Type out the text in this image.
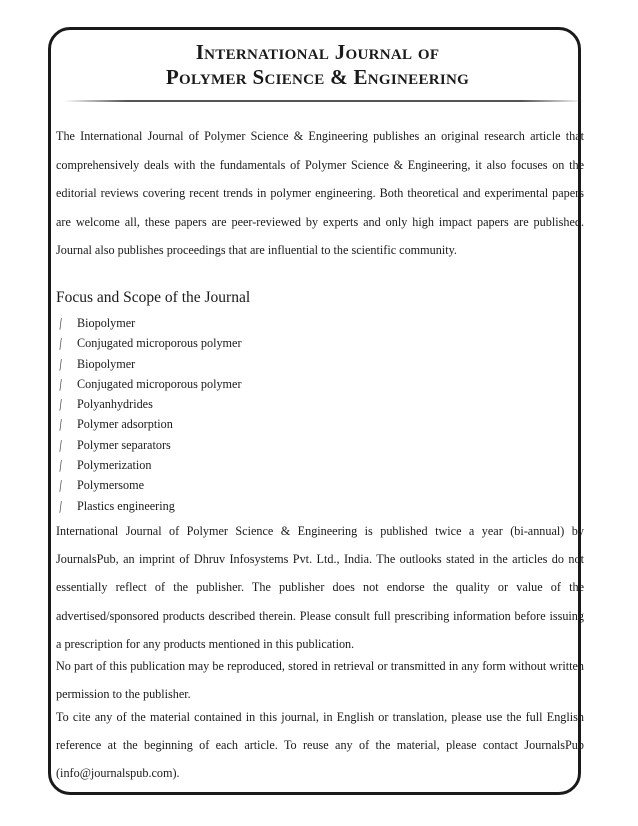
International Journal of
Polymer Science & Engineering

The International Journal of Polymer Science & Engineering publishes an original research article that comprehensively deals with the fundamentals of Polymer Science & Engineering, it also focuses on the editorial reviews covering recent trends in polymer engineering. Both theoretical and experimental papers are welcome all, these papers are peer-reviewed by experts and only high impact papers are published. Journal also publishes proceedings that are influential to the scientific community.

Focus and Scope of the Journal
╱ Biopolymer
╱ Conjugated microporous polymer
╱ Biopolymer
╱ Conjugated microporous polymer
╱ Polyanhydrides
╱ Polymer adsorption
╱ Polymer separators
╱ Polymerization
╱ Polymersome
╱ Plastics engineering

International Journal of Polymer Science & Engineering is published twice a year (bi-annual) by JournalsPub, an imprint of Dhruv Infosystems Pvt. Ltd., India. The outlooks stated in the articles do not essentially reflect of the publisher. The publisher does not endorse the quality or value of the advertised/sponsored products described therein. Please consult full prescribing information before issuing a prescription for any products mentioned in this publication.

No part of this publication may be reproduced, stored in retrieval or transmitted in any form without written permission to the publisher.

To cite any of the material contained in this journal, in English or translation, please use the full English reference at the beginning of each article. To reuse any of the material, please contact JournalsPub (info@journalspub.com).
